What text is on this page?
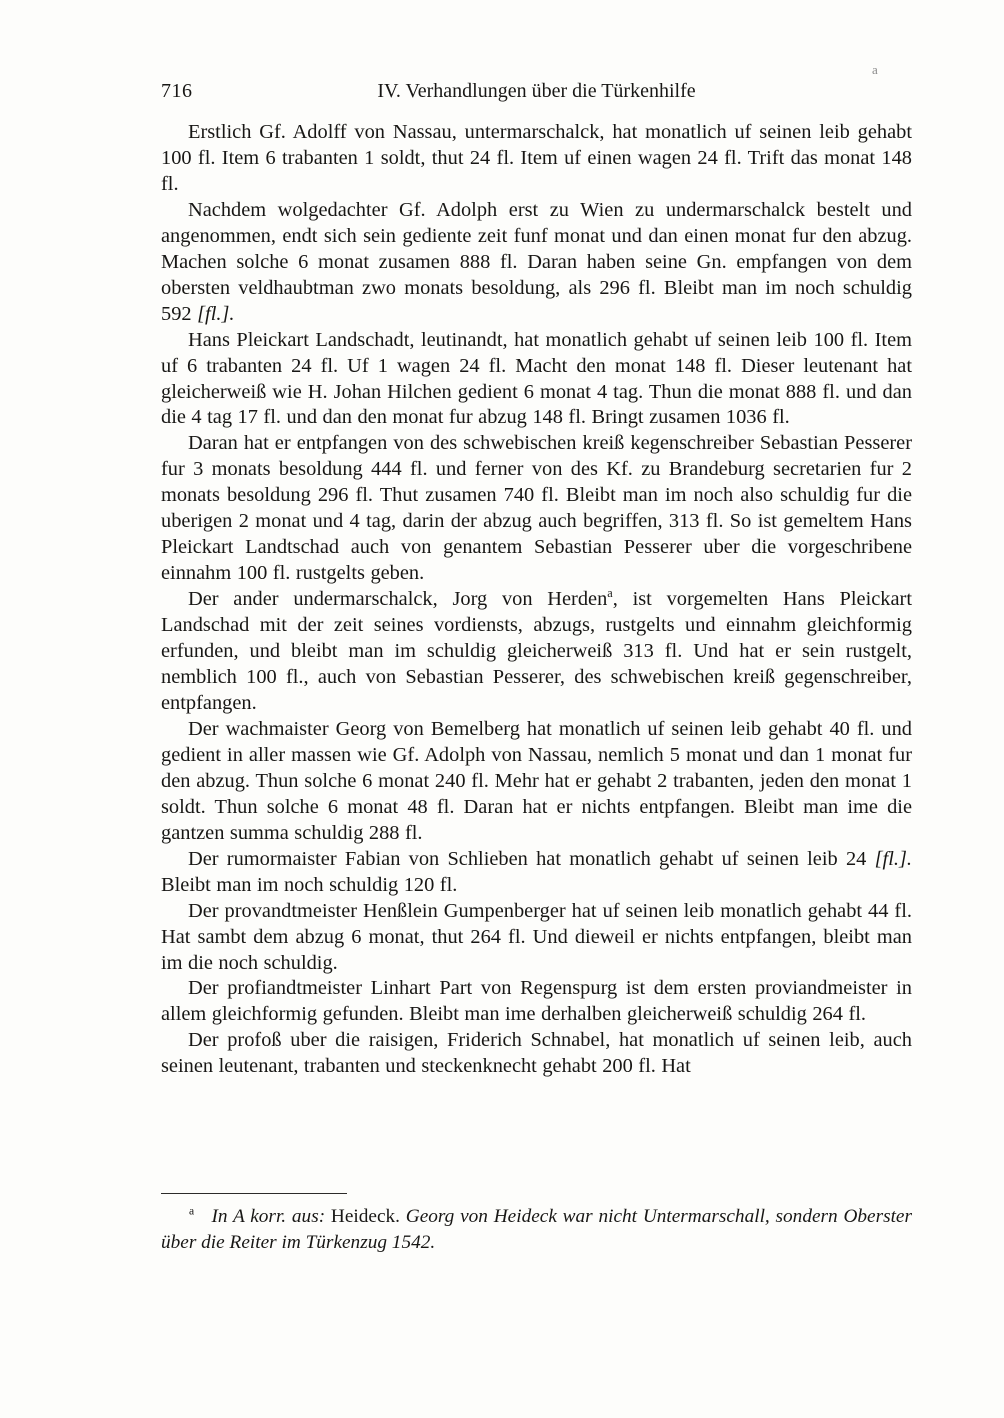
716	IV. Verhandlungen über die Türkenhilfe
a

Erstlich Gf. Adolff von Nassau, untermarschalck, hat monatlich uf seinen leib gehabt 100 fl. Item 6 trabanten 1 soldt, thut 24 fl. Item uf einen wagen 24 fl. Trift das monat 148 fl.

Nachdem wolgedachter Gf. Adolph erst zu Wien zu undermarschalck bestelt und angenommen, endt sich sein gediente zeit funf monat und dan einen monat fur den abzug. Machen solche 6 monat zusamen 888 fl. Daran haben seine Gn. empfangen von dem obersten veldhaubtman zwo monats besoldung, als 296 fl. Bleibt man im noch schuldig 592 [fl.].

Hans Pleickart Landschadt, leutinandt, hat monatlich gehabt uf seinen leib 100 fl. Item uf 6 trabanten 24 fl. Uf 1 wagen 24 fl. Macht den monat 148 fl. Dieser leutenant hat gleicherweiß wie H. Johan Hilchen gedient 6 monat 4 tag. Thun die monat 888 fl. und dan die 4 tag 17 fl. und dan den monat fur abzug 148 fl. Bringt zusamen 1036 fl.

Daran hat er entpfangen von des schwebischen kreiß kegenschreiber Sebastian Pesserer fur 3 monats besoldung 444 fl. und ferner von des Kf. zu Brandeburg secretarien fur 2 monats besoldung 296 fl. Thut zusamen 740 fl. Bleibt man im noch also schuldig fur die uberigen 2 monat und 4 tag, darin der abzug auch begriffen, 313 fl. So ist gemeltem Hans Pleickart Landtschad auch von genantem Sebastian Pesserer uber die vorgeschribene einnahm 100 fl. rustgelts geben.

Der ander undermarschalck, Jorg von Herden$^a$, ist vorgemelten Hans Pleickart Landschad mit der zeit seines vordiensts, abzugs, rustgelts und einnahm gleichformig erfunden, und bleibt man im schuldig gleicherweiß 313 fl. Und hat er sein rustgelt, nemblich 100 fl., auch von Sebastian Pesserer, des schwebischen kreiß gegenschreiber, entpfangen.

Der wachmaister Georg von Bemelberg hat monatlich uf seinen leib gehabt 40 fl. und gedient in aller massen wie Gf. Adolph von Nassau, nemlich 5 monat und dan 1 monat fur den abzug. Thun solche 6 monat 240 fl. Mehr hat er gehabt 2 trabanten, jeden den monat 1 soldt. Thun solche 6 monat 48 fl. Daran hat er nichts entpfangen. Bleibt man ime die gantzen summa schuldig 288 fl.

Der rumormaister Fabian von Schlieben hat monatlich gehabt uf seinen leib 24 [fl.]. Bleibt man im noch schuldig 120 fl.

Der provandtmeister Henßlein Gumpenberger hat uf seinen leib monatlich gehabt 44 fl. Hat sambt dem abzug 6 monat, thut 264 fl. Und dieweil er nichts entpfangen, bleibt man im die noch schuldig.

Der profiandtmeister Linhart Part von Regenspurg ist dem ersten proviandmeister in allem gleichformig gefunden. Bleibt man ime derhalben gleicherweiß schuldig 264 fl.

Der profoß uber die raisigen, Friderich Schnabel, hat monatlich uf seinen leib, auch seinen leutenant, trabanten und steckenknecht gehabt 200 fl. Hat

$^a$ In A korr. aus: Heideck. Georg von Heideck war nicht Untermarschall, sondern Oberster über die Reiter im Türkenzug 1542.
